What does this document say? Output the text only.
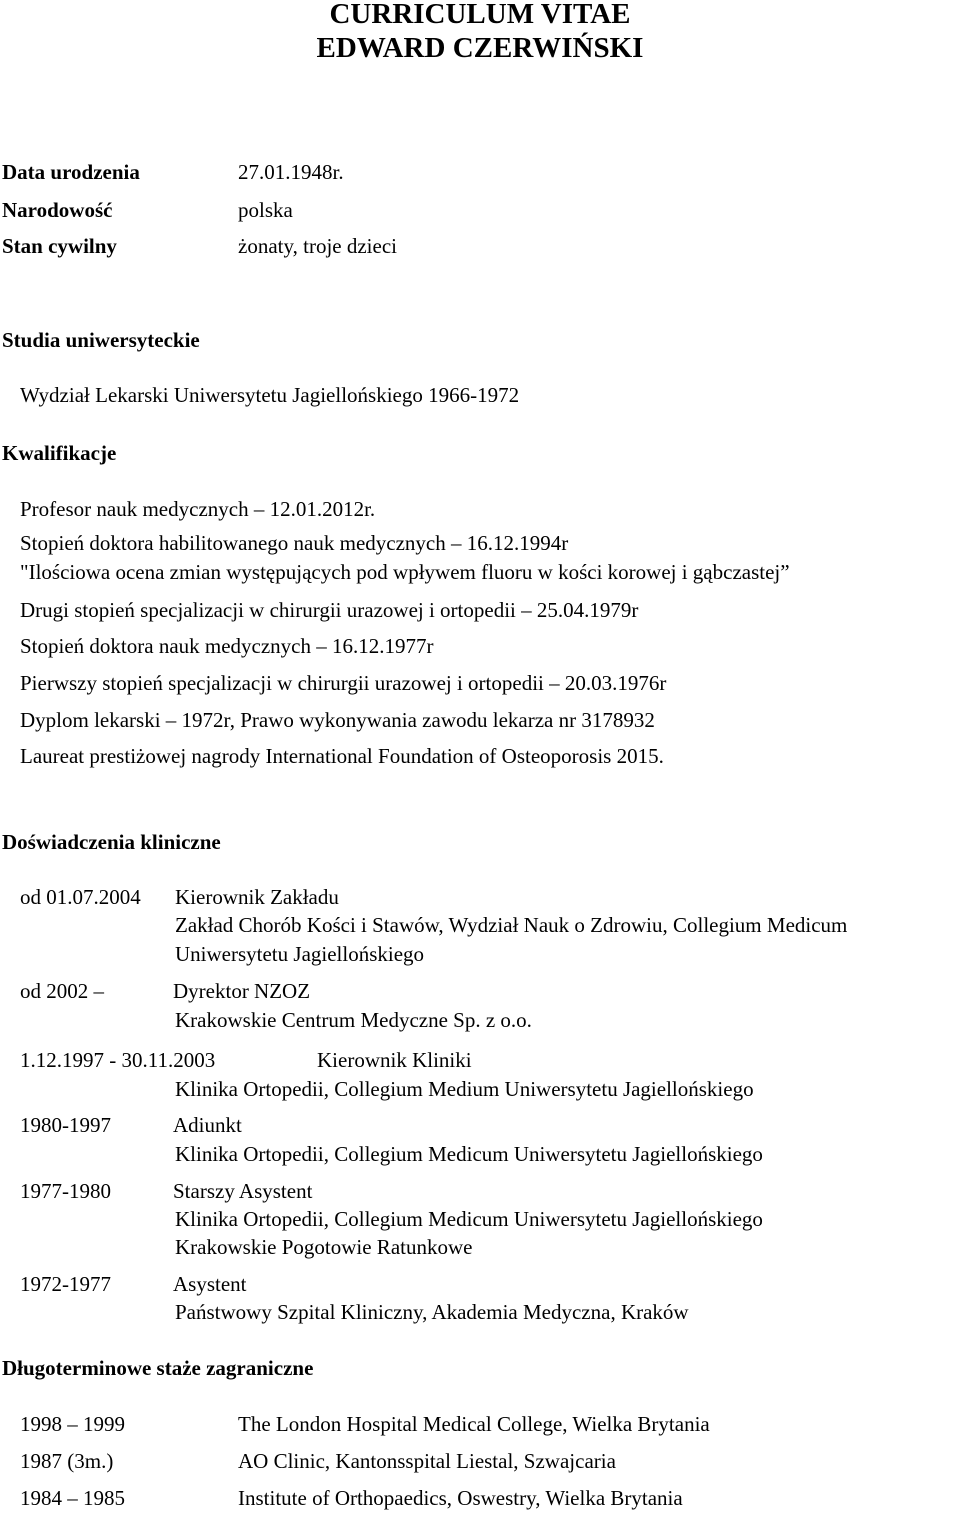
CURRICULUM VITAE
EDWARD CZERWIŃSKI
Data urodzenia	27.01.1948r.
Narodowość	polska
Stan cywilny	żonaty, troje dzieci
Studia uniwersyteckie
Wydział Lekarski Uniwersytetu Jagiellońskiego 1966-1972
Kwalifikacje
Profesor nauk medycznych – 12.01.2012r.
Stopień doktora habilitowanego nauk medycznych – 16.12.1994r
"Ilościowa ocena zmian występujących pod wpływem fluoru w kości korowej i gąbczastej”
Drugi stopień specjalizacji w chirurgii urazowej i ortopedii – 25.04.1979r
Stopień doktora nauk medycznych – 16.12.1977r
Pierwszy stopień specjalizacji w chirurgii urazowej i ortopedii – 20.03.1976r
Dyplom lekarski – 1972r, Prawo wykonywania zawodu lekarza nr 3178932
Laureat prestiżowej nagrody International Foundation of Osteoporosis 2015.
Doświadczenia kliniczne
od 01.07.2004 Kierownik Zakładu
Zakład Chorób Kości i Stawów, Wydział Nauk o Zdrowiu, Collegium Medicum
Uniwersytetu Jagiellońskiego
od 2002 –	Dyrektor NZOZ
Krakowskie Centrum Medyczne Sp. z o.o.
1.12.1997 - 30.11.2003	Kierownik Kliniki
Klinika Ortopedii, Collegium Medium Uniwersytetu Jagiellońskiego
1980-1997	Adiunkt
Klinika Ortopedii, Collegium Medicum Uniwersytetu Jagiellońskiego
1977-1980	Starszy Asystent
Klinika Ortopedii, Collegium Medicum Uniwersytetu Jagiellońskiego
Krakowskie Pogotowie Ratunkowe
1972-1977	Asystent
Państwowy Szpital Kliniczny, Akademia Medyczna, Kraków
Długoterminowe staże zagraniczne
1998 – 1999	The London Hospital Medical College, Wielka Brytania
1987 (3m.)	AO Clinic, Kantonsspital Liestal, Szwajcaria
1984 – 1985	Institute of Orthopaedics, Oswestry, Wielka Brytania
